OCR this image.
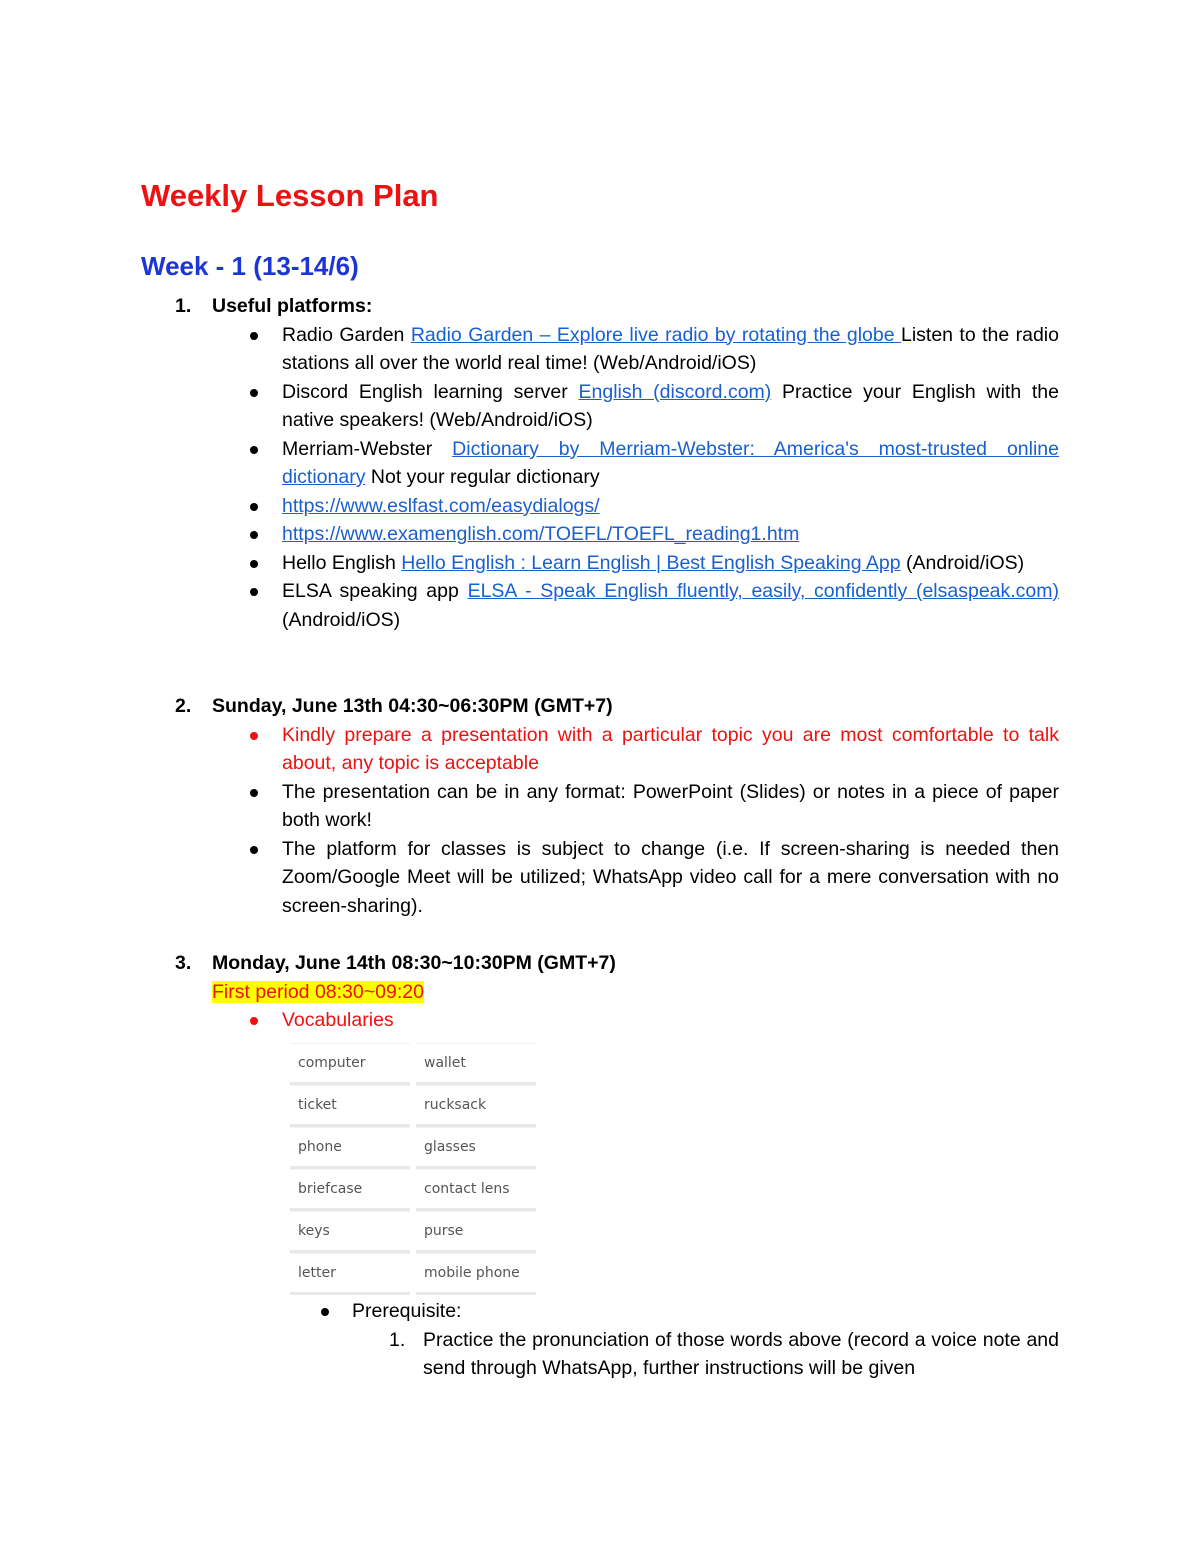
Weekly Lesson Plan
Week - 1 (13-14/6)
1. Useful platforms:
Radio Garden Radio Garden – Explore live radio by rotating the globe Listen to the radio stations all over the world real time! (Web/Android/iOS)
Discord English learning server English (discord.com) Practice your English with the native speakers! (Web/Android/iOS)
Merriam-Webster Dictionary by Merriam-Webster: America's most-trusted online dictionary Not your regular dictionary
https://www.eslfast.com/easydialogs/
https://www.examenglish.com/TOEFL/TOEFL_reading1.htm
Hello English Hello English : Learn English | Best English Speaking App (Android/iOS)
ELSA speaking app ELSA - Speak English fluently, easily, confidently (elsaspeak.com) (Android/iOS)
2. Sunday, June 13th 04:30~06:30PM (GMT+7)
Kindly prepare a presentation with a particular topic you are most comfortable to talk about, any topic is acceptable
The presentation can be in any format: PowerPoint (Slides) or notes in a piece of paper both work!
The platform for classes is subject to change (i.e. If screen-sharing is needed then Zoom/Google Meet will be utilized; WhatsApp video call for a mere conversation with no screen-sharing).
3. Monday, June 14th 08:30~10:30PM (GMT+7)
First period 08:30~09:20
Vocabularies
computer	wallet
ticket	rucksack
phone	glasses
briefcase	contact lens
keys	purse
letter	mobile phone
Prerequisite:
1. Practice the pronunciation of those words above (record a voice note and send through WhatsApp, further instructions will be given
